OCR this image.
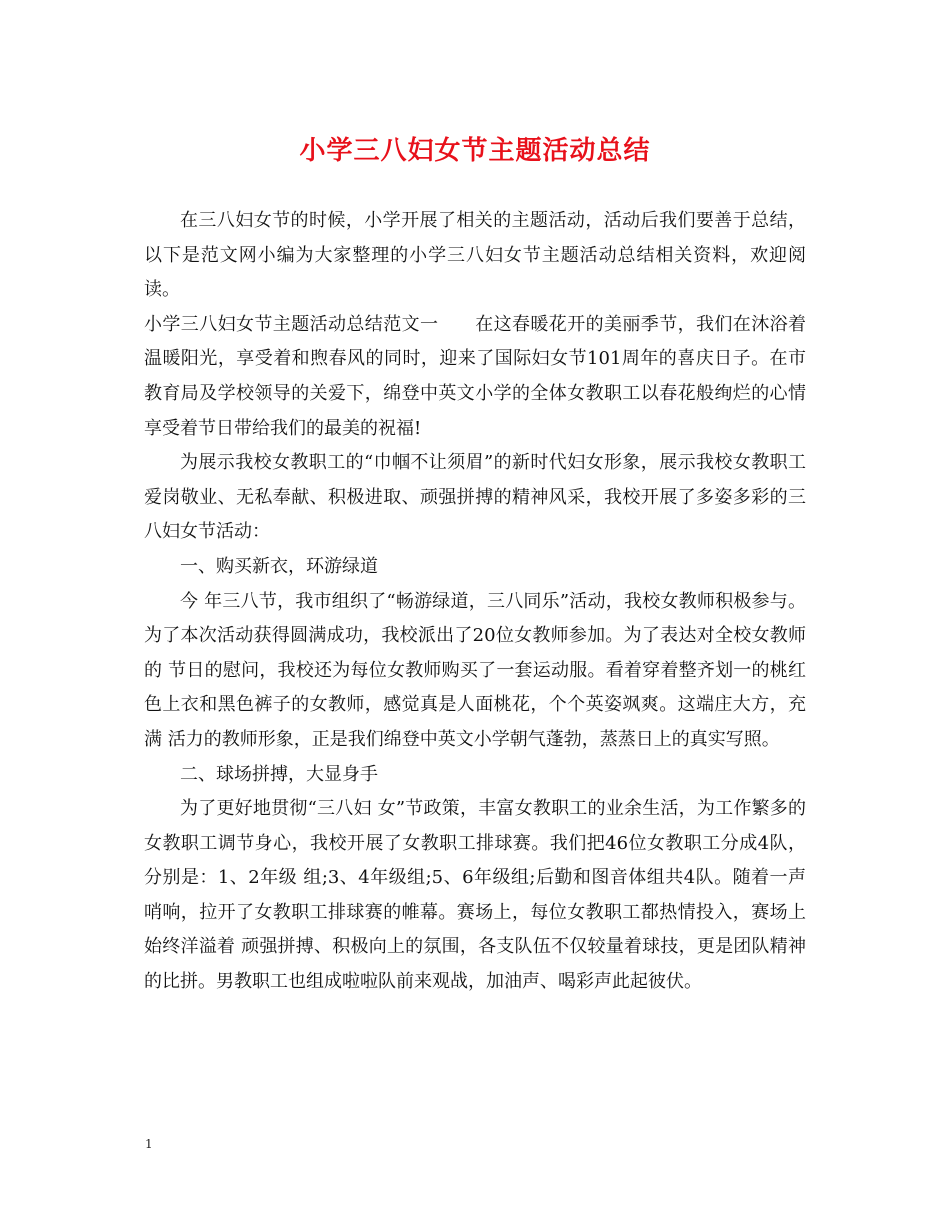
小学三八妇女节主题活动总结

在三八妇女节的时候，小学开展了相关的主题活动，活动后我们要善于总结，以下是范文网小编为大家整理的小学三八妇女节主题活动总结相关资料，欢迎阅读。

小学三八妇女节主题活动总结范文一　　在这春暖花开的美丽季节，我们在沐浴着温暖阳光，享受着和煦春风的同时，迎来了国际妇女节101周年的喜庆日子。在市教育局及学校领导的关爱下，绵登中英文小学的全体女教职工以春花般绚烂的心情享受着节日带给我们的最美的祝福!

为展示我校女教职工的“巾帼不让须眉”的新时代妇女形象，展示我校女教职工爱岗敬业、无私奉献、积极进取、顽强拼搏的精神风采，我校开展了多姿多彩的三八妇女节活动：

一、购买新衣，环游绿道

今 年三八节，我市组织了“畅游绿道，三八同乐”活动，我校女教师积极参与。为了本次活动获得圆满成功，我校派出了20位女教师参加。为了表达对全校女教师的 节日的慰问，我校还为每位女教师购买了一套运动服。看着穿着整齐划一的桃红色上衣和黑色裤子的女教师，感觉真是人面桃花，个个英姿飒爽。这端庄大方，充满 活力的教师形象，正是我们绵登中英文小学朝气蓬勃，蒸蒸日上的真实写照。

二、球场拼搏，大显身手

为了更好地贯彻“三八妇 女”节政策，丰富女教职工的业余生活，为工作繁多的女教职工调节身心，我校开展了女教职工排球赛。我们把46位女教职工分成4队，分别是：1、2年级 组;3、4年级组;5、6年级组;后勤和图音体组共4队。随着一声哨响，拉开了女教职工排球赛的帷幕。赛场上，每位女教职工都热情投入，赛场上始终洋溢着 顽强拼搏、积极向上的氛围，各支队伍不仅较量着球技，更是团队精神的比拼。男教职工也组成啦啦队前来观战，加油声、喝彩声此起彼伏。

1
